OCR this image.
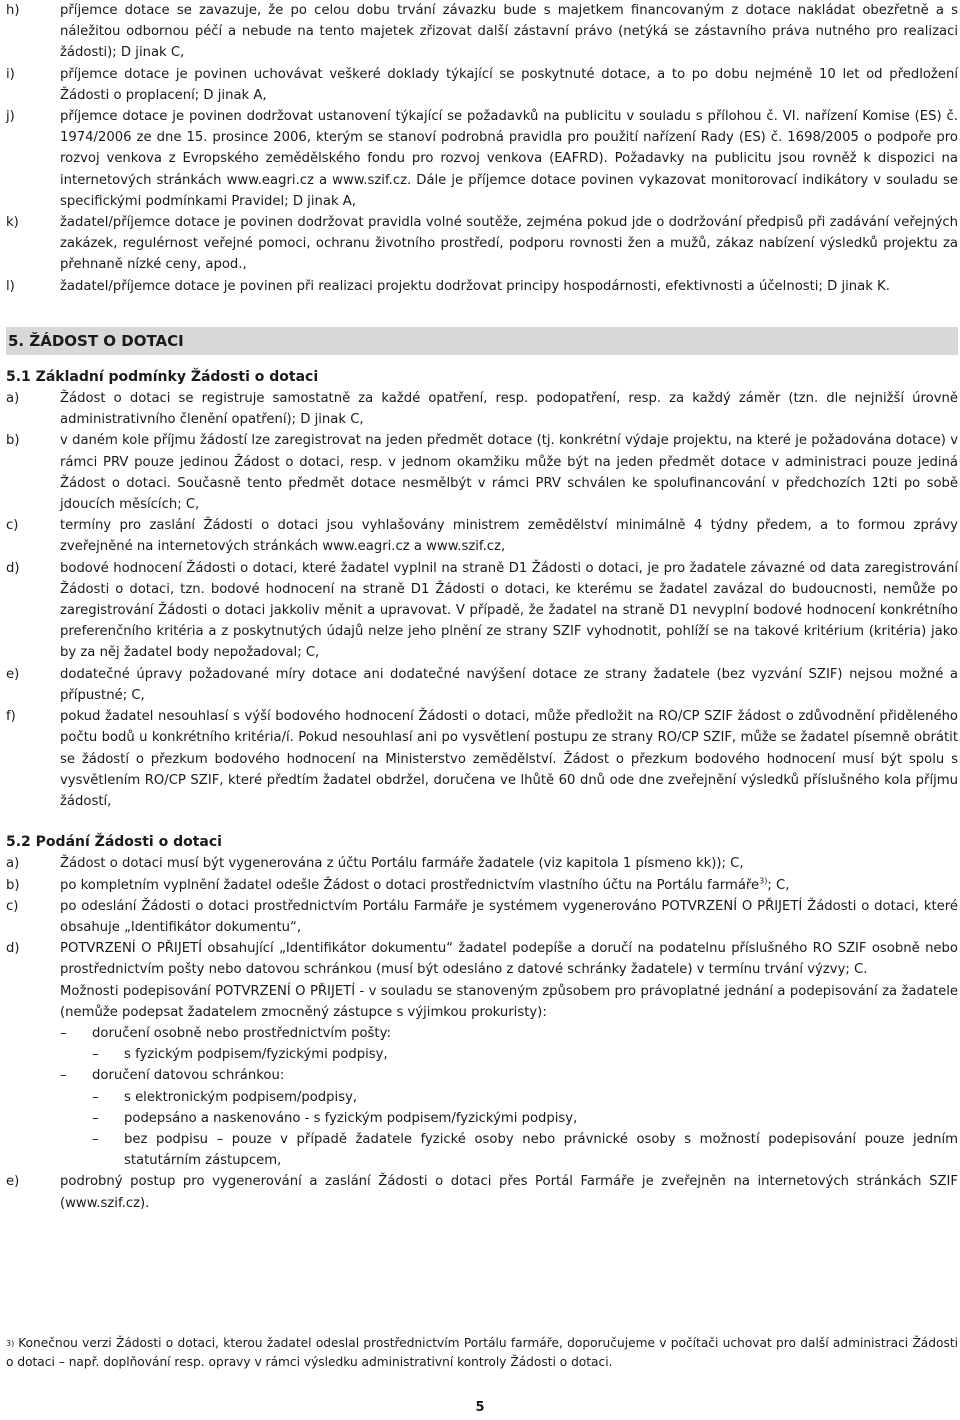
h)	příjemce dotace se zavazuje, že po celou dobu trvání závazku bude s majetkem financovaným z dotace nakládat obezřetně a s náležitou odbornou péčí a nebude na tento majetek zřizovat další zástavní právo (netýká se zástavního práva nutného pro realizaci žádosti); D jinak C,
i)	příjemce dotace je povinen uchovávat veškeré doklady týkající se poskytnuté dotace, a to po dobu nejméně 10 let od předložení Žádosti o proplacení; D jinak A,
j)	příjemce dotace je povinen dodržovat ustanovení týkající se požadavků na publicitu v souladu s přílohou č. VI. nařízení Komise (ES) č. 1974/2006 ze dne 15. prosince 2006, kterým se stanoví podrobná pravidla pro použití nařízení Rady (ES) č. 1698/2005 o podpoře pro rozvoj venkova z Evropského zemědělského fondu pro rozvoj venkova (EAFRD). Požadavky na publicitu jsou rovněž k dispozici na internetových stránkách www.eagri.cz a www.szif.cz. Dále je příjemce dotace povinen vykazovat monitorovací indikátory v souladu se specifickými podmínkami Pravidel; D jinak A,
k)	žadatel/příjemce dotace je povinen dodržovat pravidla volné soutěže, zejména pokud jde o dodržování předpisů při zadávání veřejných zakázek, regulérnost veřejné pomoci, ochranu životního prostředí, podporu rovnosti žen a mužů, zákaz nabízení výsledků projektu za přehnaně nízké ceny, apod.,
l)	žadatel/příjemce dotace je povinen při realizaci projektu dodržovat principy hospodárnosti, efektivnosti a účelnosti; D jinak K.
5. ŽÁDOST O DOTACI
5.1 Základní podmínky Žádosti o dotaci
a)	Žádost o dotaci se registruje samostatně za každé opatření, resp. podopatření, resp. za každý záměr (tzn. dle nejnižší úrovně administrativního členění opatření); D jinak C,
b)	v daném kole příjmu žádostí lze zaregistrovat na jeden předmět dotace (tj. konkrétní výdaje projektu, na které je požadována dotace) v rámci PRV pouze jedinou Žádost o dotaci, resp. v jednom okamžiku může být na jeden předmět dotace v administraci pouze jediná Žádost o dotaci. Současně tento předmět dotace nesmělbýt v rámci PRV schválen ke spolufinancování v předchozích 12ti po sobě jdoucích měsících; C,
c)	termíny pro zaslání Žádosti o dotaci jsou vyhlašovány ministrem zemědělství minimálně 4 týdny předem, a to formou zprávy zveřejněné na internetových stránkách www.eagri.cz a www.szif.cz,
d)	bodové hodnocení Žádosti o dotaci, které žadatel vyplnil na straně D1 Žádosti o dotaci, je pro žadatele závazné od data zaregistrování Žádosti o dotaci, tzn. bodové hodnocení na straně D1 Žádosti o dotaci, ke kterému se žadatel zavázal do budoucnosti, nemůže po zaregistrování Žádosti o dotaci jakkoliv měnit a upravovat. V případě, že žadatel na straně D1 nevyplní bodové hodnocení konkrétního preferenčního kritéria a z poskytnutých údajů nelze jeho plnění ze strany SZIF vyhodnotit, pohlíží se na takové kritérium (kritéria) jako by za něj žadatel body nepožadoval; C,
e)	dodatečné úpravy požadované míry dotace ani dodatečné navýšení dotace ze strany žadatele (bez vyzvání SZIF) nejsou možné a přípustné; C,
f)	pokud žadatel nesouhlasí s výší bodového hodnocení Žádosti o dotaci, může předložit na RO/CP SZIF žádost o zdůvodnění přiděleného počtu bodů u konkrétního kritéria/í. Pokud nesouhlasí ani po vysvětlení postupu ze strany RO/CP SZIF, může se žadatel písemně obrátit se žádostí o přezkum bodového hodnocení na Ministerstvo zemědělství. Žádost o přezkum bodového hodnocení musí být spolu s vysvětlením RO/CP SZIF, které předtím žadatel obdržel, doručena ve lhůtě 60 dnů ode dne zveřejnění výsledků příslušného kola příjmu žádostí,
5.2 Podání Žádosti o dotaci
a)	Žádost o dotaci musí být vygenerována z účtu Portálu farmáře žadatele (viz kapitola 1 písmeno kk)); C,
b)	po kompletním vyplnění žadatel odešle Žádost o dotaci prostřednictvím vlastního účtu na Portálu farmáře$^{3)}$; C,
c)	po odeslání Žádosti o dotaci prostřednictvím Portálu Farmáře je systémem vygenerováno POTVRZENÍ O PŘIJETÍ Žádosti o dotaci, které obsahuje „Identifikátor dokumentu“,
d)	POTVRZENÍ O PŘIJETÍ obsahující „Identifikátor dokumentu“ žadatel podepíše a doručí na podatelnu příslušného RO SZIF osobně nebo prostřednictvím pošty nebo datovou schránkou (musí být odesláno z datové schránky žadatele) v termínu trvání výzvy; C.
Možnosti podepisování POTVRZENÍ O PŘIJETÍ - v souladu se stanoveným způsobem pro právoplatné jednání a podepisování za žadatele (nemůže podepsat žadatelem zmocněný zástupce s výjimkou prokuristy):
–	doručení osobně nebo prostřednictvím pošty:
–	s fyzickým podpisem/fyzickými podpisy,
–	doručení datovou schránkou:
–	s elektronickým podpisem/podpisy,
–	podepsáno a naskenováno - s fyzickým podpisem/fyzickými podpisy,
–	bez podpisu – pouze v případě žadatele fyzické osoby nebo právnické osoby s možností podepisování pouze jedním statutárním zástupcem,
e)	podrobný postup pro vygenerování a zaslání Žádosti o dotaci přes Portál Farmáře je zveřejněn na internetových stránkách SZIF (www.szif.cz).
$^{3)}$ Konečnou verzi Žádosti o dotaci, kterou žadatel odeslal prostřednictvím Portálu farmáře, doporučujeme v počítači uchovat pro další administraci Žádosti o dotaci – např. doplňování resp. opravy v rámci výsledku administrativní kontroly Žádosti o dotaci.
5
